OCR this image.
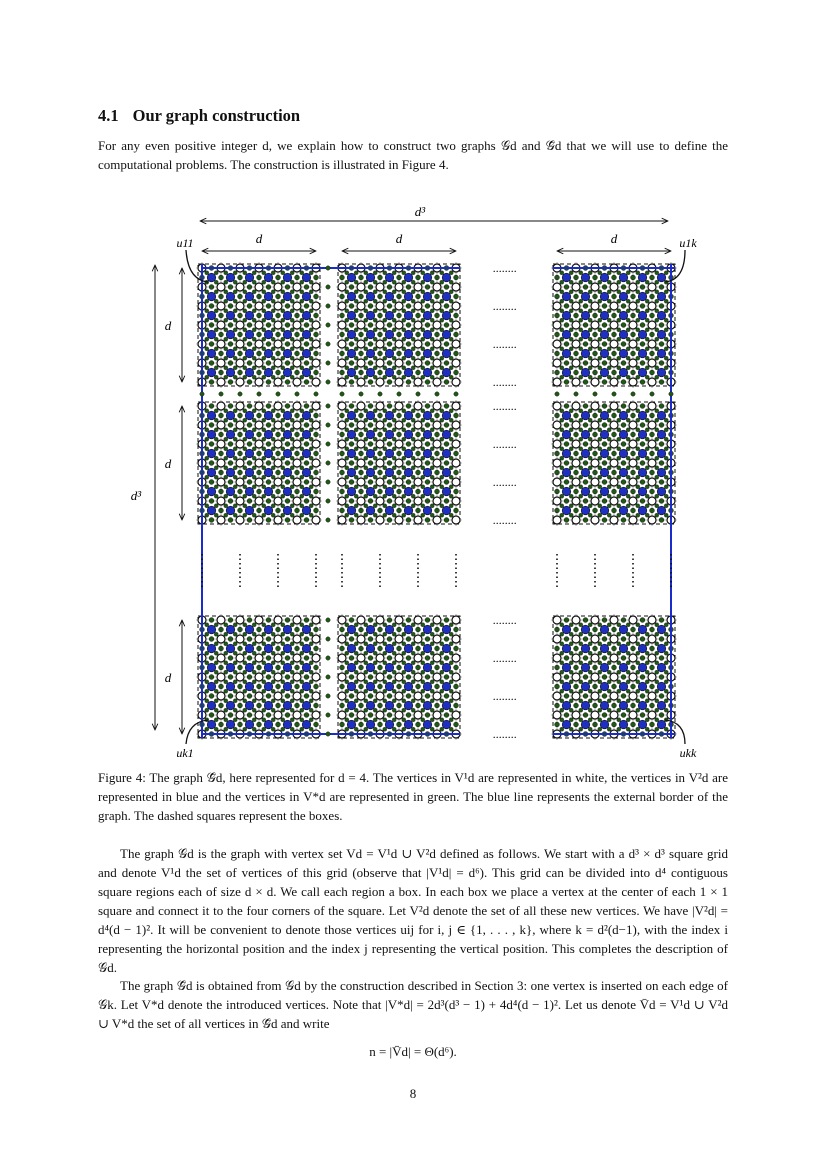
4.1 Our graph construction

For any even positive integer d, we explain how to construct two graphs 𝒢d and 𝒢̄d that we will use to define the computational problems. The construction is illustrated in Figure 4.

d³
d³
u11	u1k
uk1	ukk
d	d	d
d
d
d
........
........
........
........
........
........
........
........
........
........
........
........

Figure 4: The graph 𝒢̄d, here represented for d = 4. The vertices in V¹d are represented in white, the vertices in V²d are represented in blue and the vertices in V*d are represented in green. The blue line represents the external border of the graph. The dashed squares represent the boxes.

The graph 𝒢d is the graph with vertex set Vd = V¹d ∪ V²d defined as follows. We start with a d³ × d³ square grid and denote V¹d the set of vertices of this grid (observe that |V¹d| = d⁶). This grid can be divided into d⁴ contiguous square regions each of size d × d. We call each region a box. In each box we place a vertex at the center of each 1 × 1 square and connect it to the four corners of the square. Let V²d denote the set of all these new vertices. We have |V²d| = d⁴(d − 1)². It will be convenient to denote those vertices uij for i, j ∈ {1, . . . , k}, where k = d²(d−1), with the index i representing the horizontal position and the index j representing the vertical position. This completes the description of 𝒢d.

The graph 𝒢̄d is obtained from 𝒢d by the construction described in Section 3: one vertex is inserted on each edge of 𝒢k. Let V*d denote the introduced vertices. Note that |V*d| = 2d³(d³ − 1) + 4d⁴(d − 1)². Let us denote V̄d = V¹d ∪ V²d ∪ V*d the set of all vertices in 𝒢̄d and write

n = |V̄d| = Θ(d⁶).
8
